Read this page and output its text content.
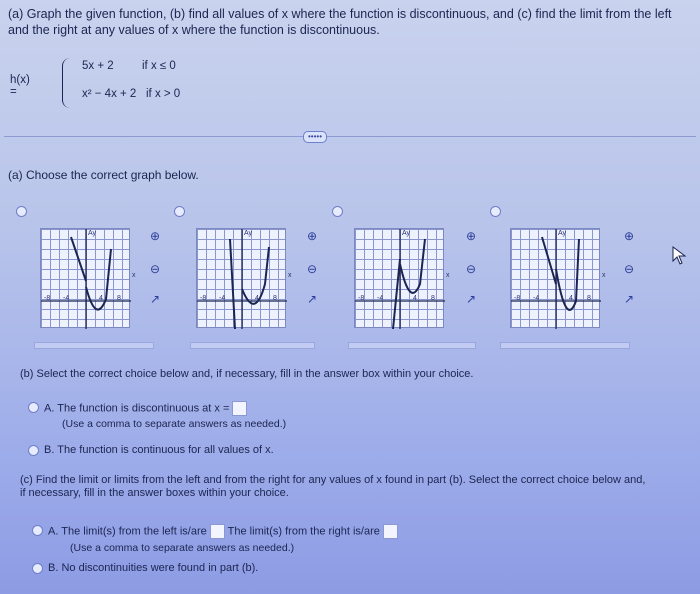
(a) Graph the given function, (b) find all values of x where the function is discontinuous, and (c) find the limit from the left and the right at any values of x where the function is discontinuous.
h(x) =
5x + 2 if x ≤ 0
x² − 4x + 2 if x > 0
•••••
(a) Choose the correct graph below.
Ay
-8 -4	4 8
x
⊕
⊖
↗
Ay
-8 -4	4 8
x
⊕
⊖
↗
Ay
-8 -4	4 8
x
⊕
⊖
↗
Ay
-8 -4	4 8
x
⊕
⊖
↗
(b) Select the correct choice below and, if necessary, fill in the answer box within your choice.
A. The function is discontinuous at x =
(Use a comma to separate answers as needed.)
B. The function is continuous for all values of x.
(c) Find the limit or limits from the left and from the right for any values of x found in part (b). Select the correct choice below and, if necessary, fill in the answer boxes within your choice.
A. The limit(s) from the left is/are The limit(s) from the right is/are
(Use a comma to separate answers as needed.)
B. No discontinuities were found in part (b).
